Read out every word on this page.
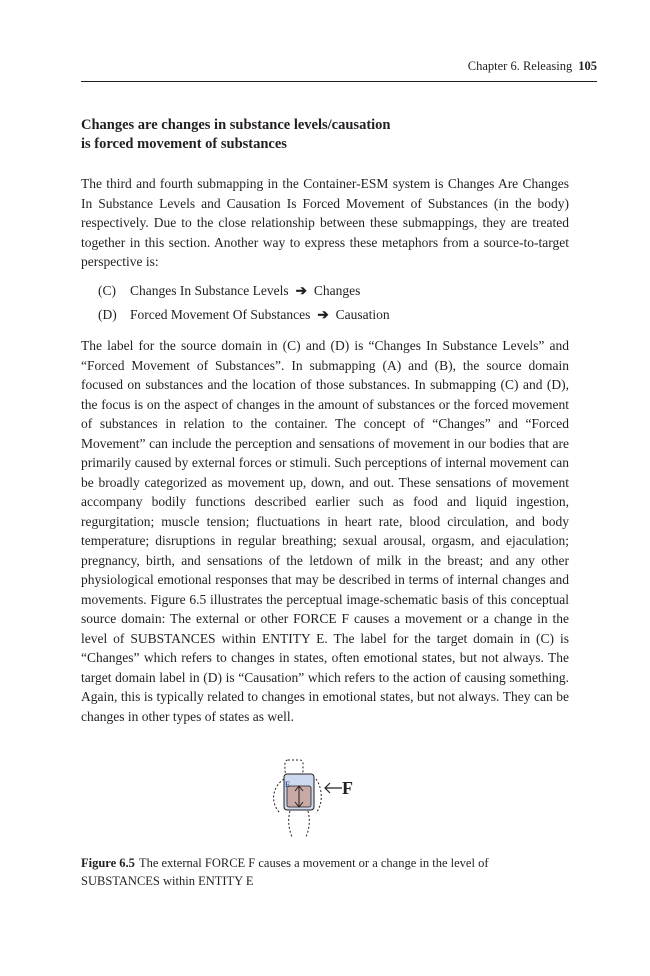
Chapter 6. Releasing 105
Changes are changes in substance levels/causation
is forced movement of substances

The third and fourth submapping in the Container-ESM system is Changes Are Changes In Substance Levels and Causation Is Forced Movement of Substances (in the body) respectively. Due to the close relationship between these submappings, they are treated together in this section. Another way to express these metaphors from a source-to-target perspective is:

(C) Changes In Substance Levels ➔ Changes
(D) Forced Movement Of Substances ➔ Causation

The label for the source domain in (C) and (D) is “Changes In Substance Levels” and “Forced Movement of Substances”. In submapping (A) and (B), the source domain focused on substances and the location of those substances. In submapping (C) and (D), the focus is on the aspect of changes in the amount of substances or the forced movement of substances in relation to the container. The concept of “Changes” and “Forced Movement” can include the perception and sensations of movement in our bodies that are primarily caused by external forces or stimuli. Such perceptions of internal movement can be broadly categorized as movement up, down, and out. These sensations of movement accompany bodily functions described earlier such as food and liquid ingestion, regurgitation; muscle tension; fluctuations in heart rate, blood circulation, and body temperature; disruptions in regular breathing; sexual arousal, orgasm, and ejaculation; pregnancy, birth, and sensations of the letdown of milk in the breast; and any other physiological emotional responses that may be described in terms of internal changes and movements. Figure 6.5 illustrates the perceptual image-schematic basis of this conceptual source domain: The external or other FORCE F causes a movement or a change in the level of SUBSTANCES within ENTITY E. The label for the target domain in (C) is “Changes” which refers to changes in states, often emotional states, but not always. The target domain label in (D) is “Causation” which refers to the action of causing something. Again, this is typically related to changes in emotional states, but not always. They can be changes in other types of states as well.

E	F

Figure 6.5 The external FORCE F causes a movement or a change in the level of SUBSTANCES within ENTITY E
